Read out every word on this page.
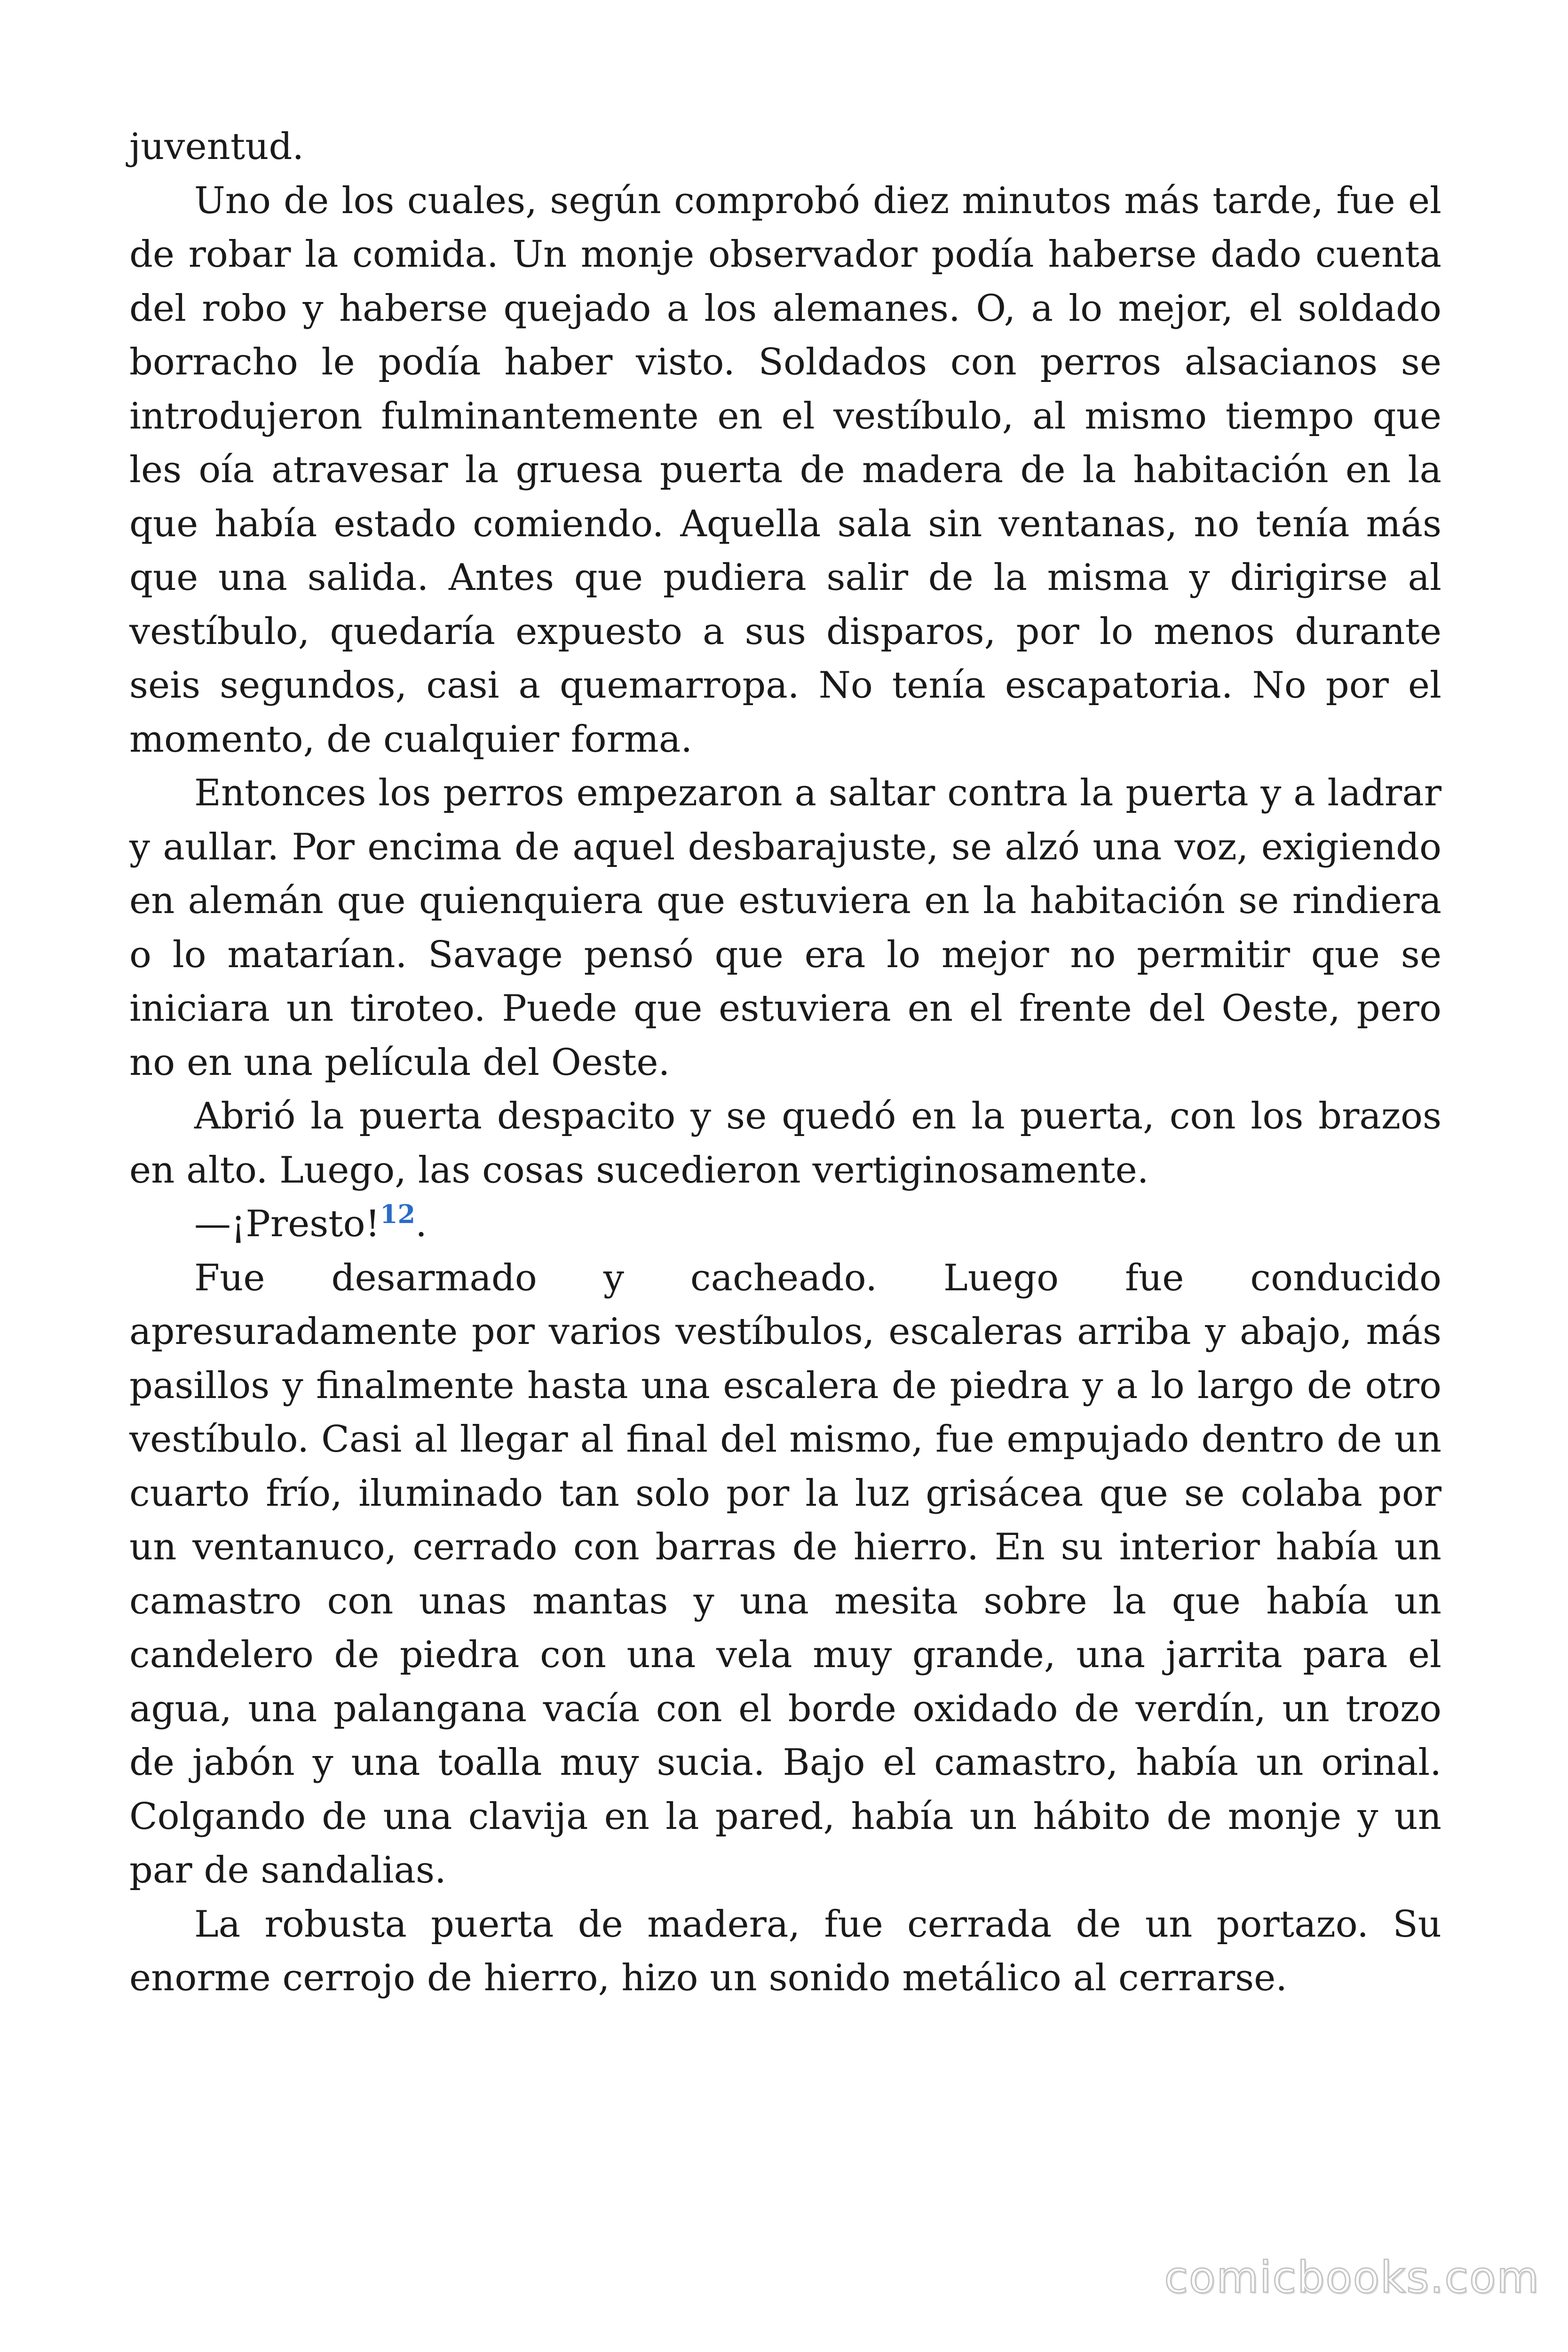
juventud.

Uno de los cuales, según comprobó diez minutos más tarde, fue el de robar la comida. Un monje observador podía haberse dado cuenta del robo y haberse quejado a los alemanes. O, a lo mejor, el soldado borracho le podía haber visto. Soldados con perros alsacianos se introdujeron fulminantemente en el vestíbulo, al mismo tiempo que les oía atravesar la gruesa puerta de madera de la habitación en la que había estado comiendo. Aquella sala sin ventanas, no tenía más que una salida. Antes que pudiera salir de la misma y dirigirse al vestíbulo, quedaría expuesto a sus disparos, por lo menos durante seis segundos, casi a quemarropa. No tenía escapatoria. No por el momento, de cualquier forma.

Entonces los perros empezaron a saltar contra la puerta y a ladrar y aullar. Por encima de aquel desbarajuste, se alzó una voz, exigiendo en alemán que quienquiera que estuviera en la habitación se rindiera o lo matarían. Savage pensó que era lo mejor no permitir que se iniciara un tiroteo. Puede que estuviera en el frente del Oeste, pero no en una película del Oeste.

Abrió la puerta despacito y se quedó en la puerta, con los brazos en alto. Luego, las cosas sucedieron vertiginosamente.

—¡Presto!$^{12}$.

Fue desarmado y cacheado. Luego fue conducido apresuradamente por varios vestíbulos, escaleras arriba y abajo, más pasillos y finalmente hasta una escalera de piedra y a lo largo de otro vestíbulo. Casi al llegar al final del mismo, fue empujado dentro de un cuarto frío, iluminado tan solo por la luz grisácea que se colaba por un ventanuco, cerrado con barras de hierro. En su interior había un camastro con unas mantas y una mesita sobre la que había un candelero de piedra con una vela muy grande, una jarrita para el agua, una palangana vacía con el borde oxidado de verdín, un trozo de jabón y una toalla muy sucia. Bajo el camastro, había un orinal. Colgando de una clavija en la pared, había un hábito de monje y un par de sandalias.

La robusta puerta de madera, fue cerrada de un portazo. Su enorme cerrojo de hierro, hizo un sonido metálico al cerrarse.

comicbooks.com
